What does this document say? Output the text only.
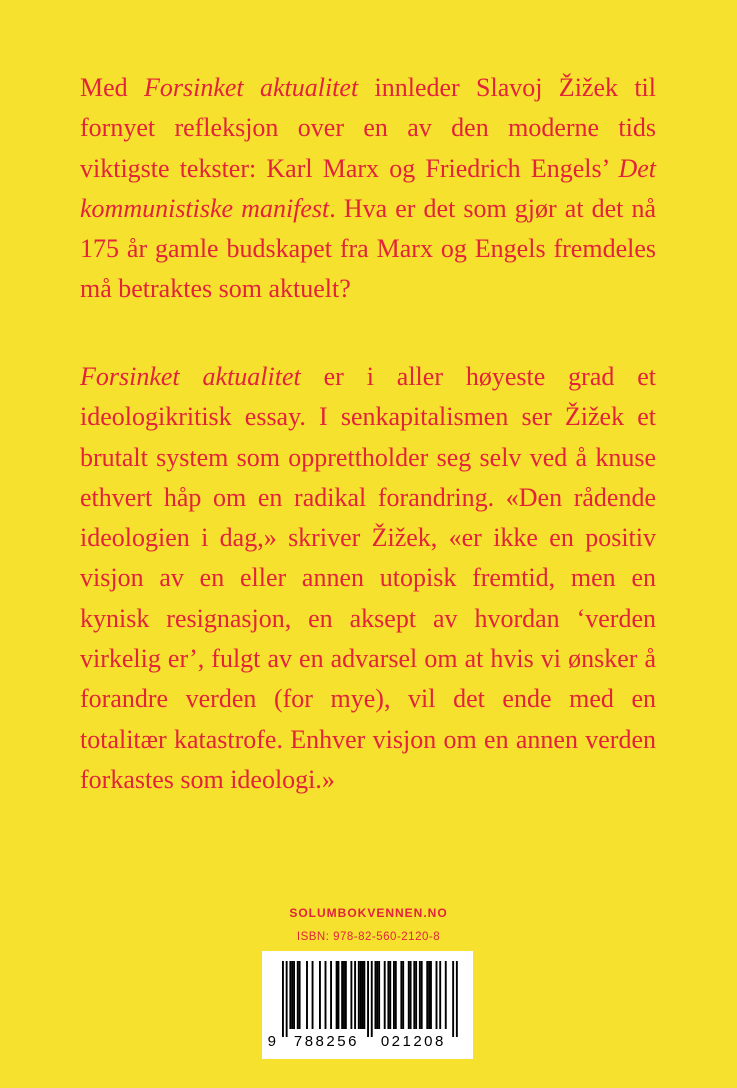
Med Forsinket aktualitet innleder Slavoj Žižek til fornyet refleksjon over en av den moderne tids viktigste tekster: Karl Marx og Friedrich Engels’ Det kommunistiske manifest. Hva er det som gjør at det nå 175 år gamle budskapet fra Marx og Engels fremdeles må betraktes som aktuelt?

Forsinket aktualitet er i aller høyeste grad et ideologikritisk essay. I senkapitalismen ser Žižek et brutalt system som opprettholder seg selv ved å knuse ethvert håp om en radikal forandring. «Den rådende ideologien i dag,» skriver Žižek, «er ikke en positiv visjon av en eller annen utopisk fremtid, men en kynisk resignasjon, en aksept av hvordan ‘verden virkelig er’, fulgt av en advarsel om at hvis vi ønsker å forandre verden (for mye), vil det ende med en totalitær katastrofe. Enhver visjon om en annen verden forkastes som ideologi.»

SOLUMBOKVENNEN.NO
ISBN: 978-82-560-2120-8
9 788256 021208
